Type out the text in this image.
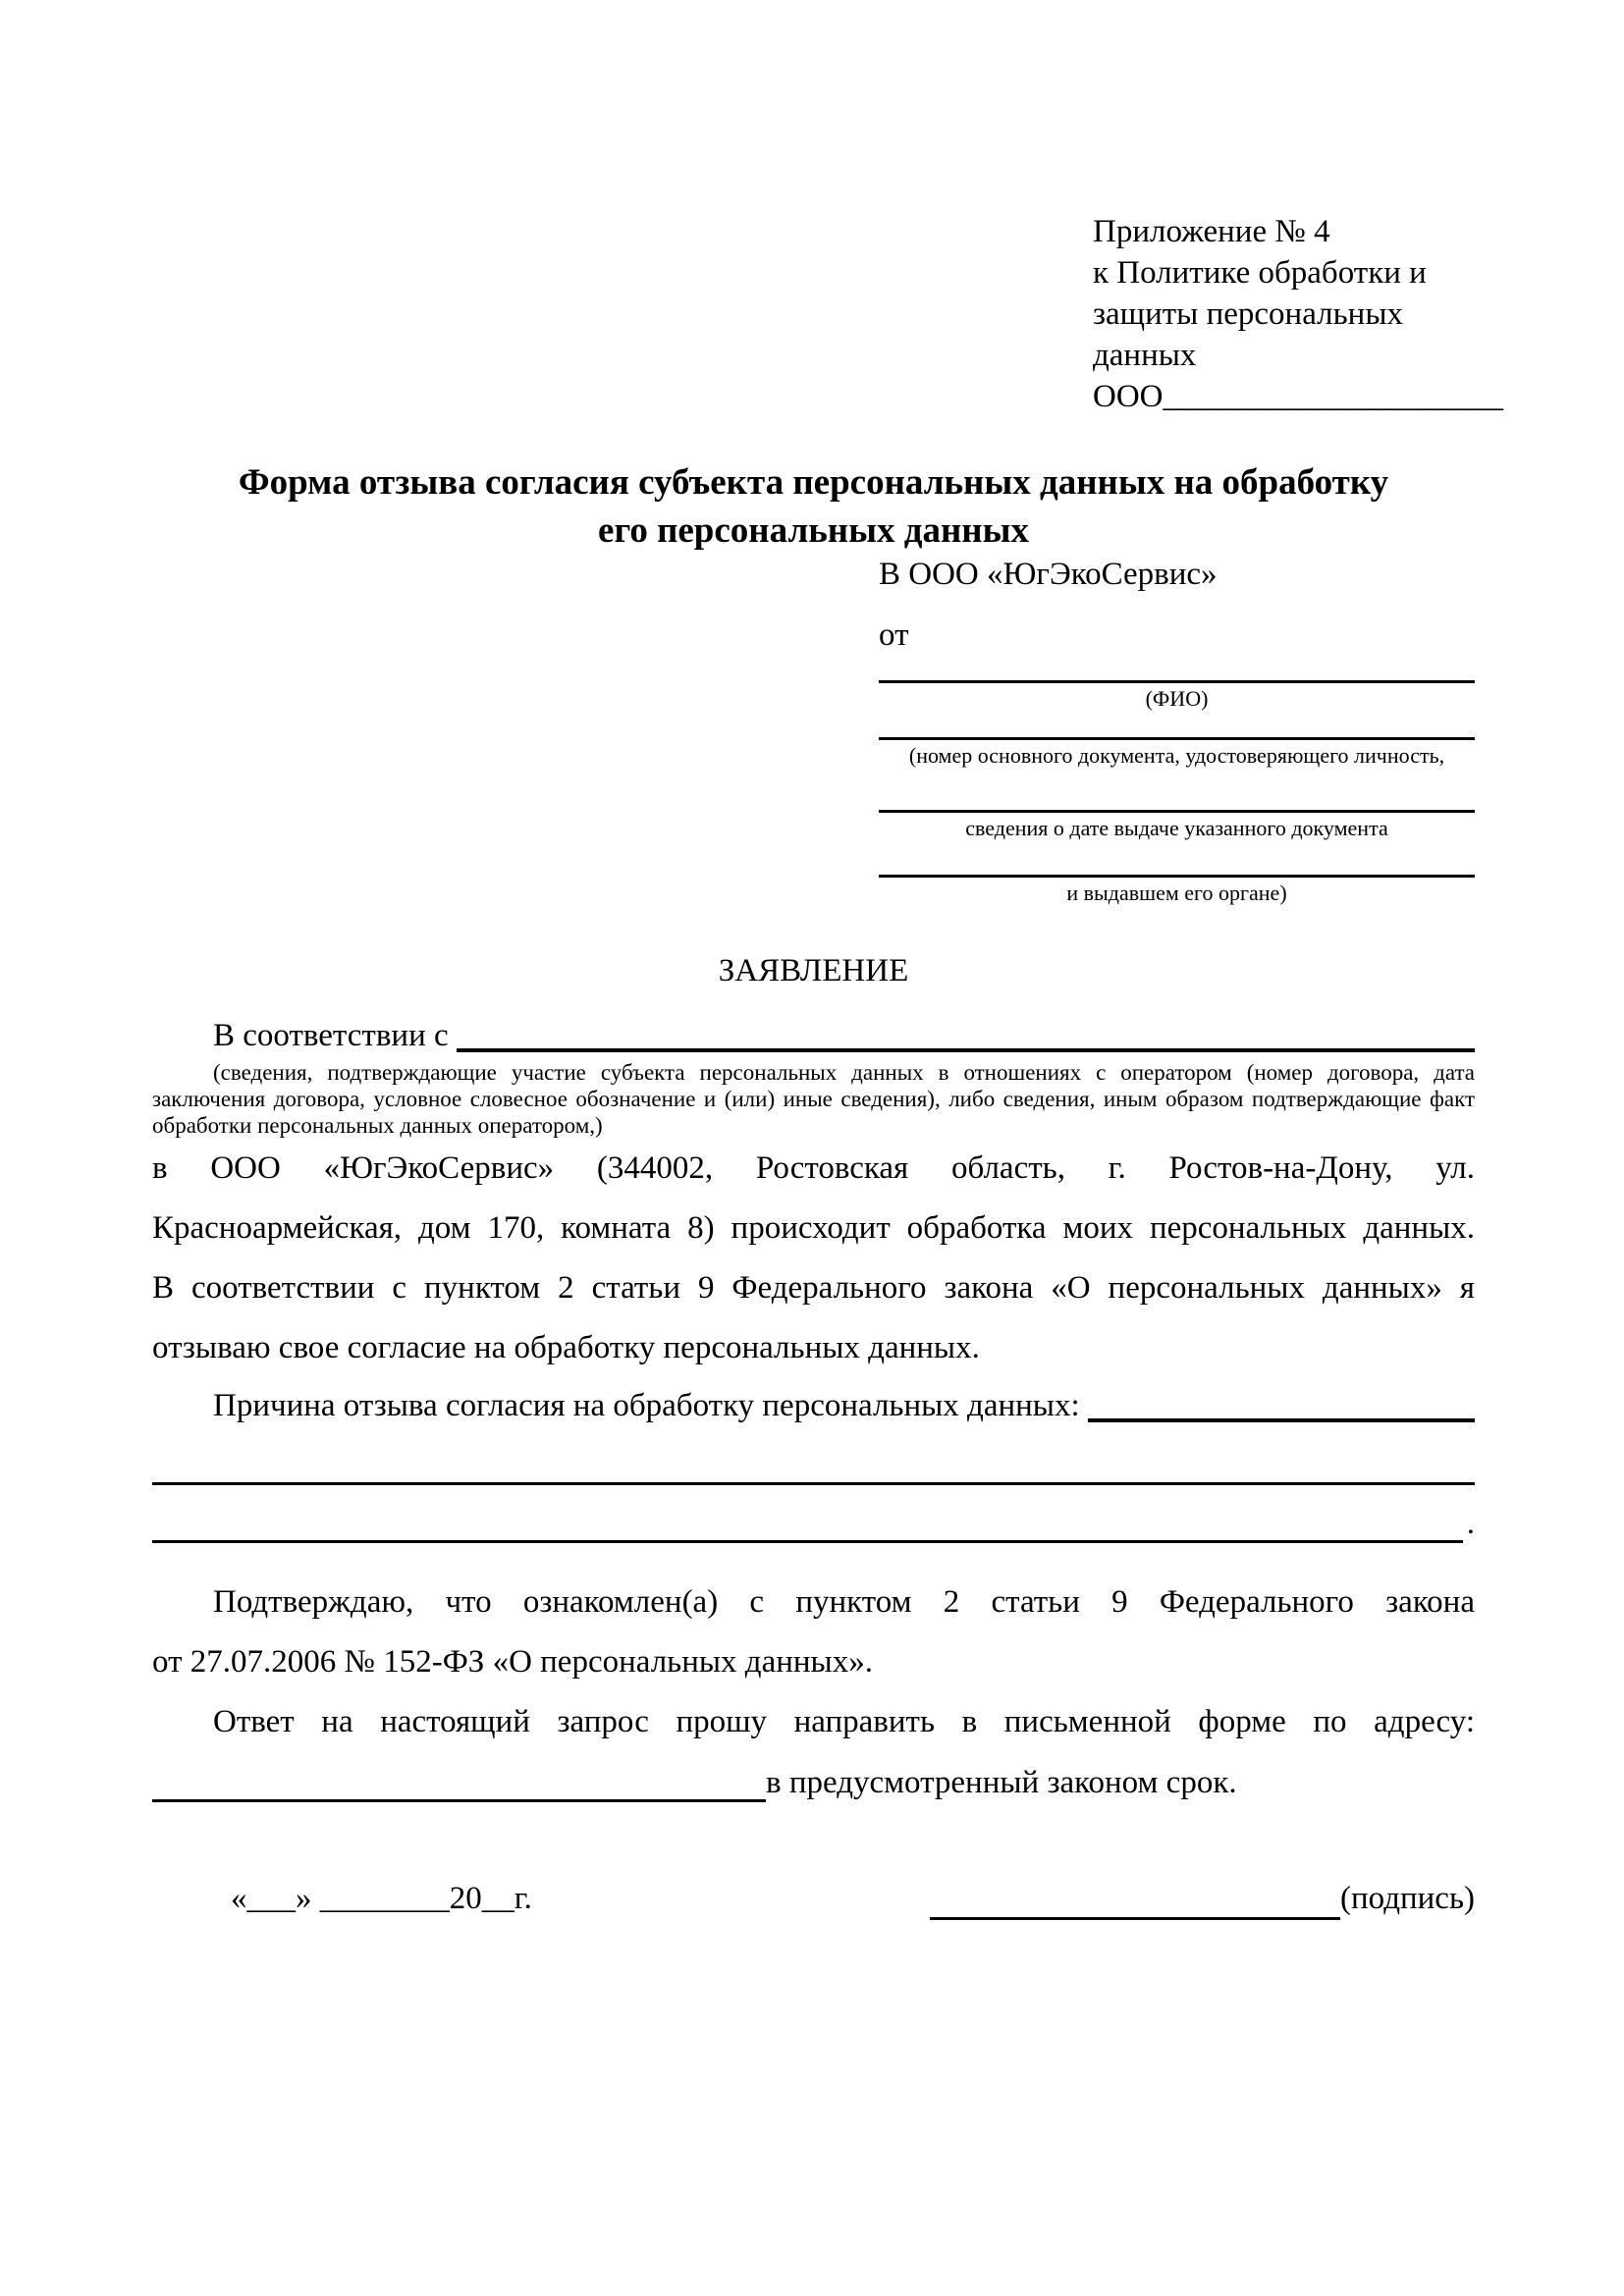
Приложение № 4
к Политике обработки и
защиты персональных данных
ООО_____________________
Форма отзыва согласия субъекта персональных данных на обработку
его персональных данных
В ООО «ЮгЭкоСервис»
от
(ФИО)
(номер основного документа, удостоверяющего личность,
сведения о дате выдаче указанного документа
и выдавшем его органе)
ЗАЯВЛЕНИЕ
В соответствии с
(сведения, подтверждающие участие субъекта персональных данных в отношениях с оператором (номер договора, дата
заключения договора, условное словесное обозначение и (или) иные сведения), либо сведения, иным образом подтверждающие факт
обработки персональных данных оператором,)
в ООО «ЮгЭкоСервис» (344002, Ростовская область, г. Ростов-на-Дону, ул.
Красноармейская, дом 170, комната 8) происходит обработка моих персональных данных.
В соответствии с пунктом 2 статьи 9 Федерального закона «О персональных данных» я
отзываю свое согласие на обработку персональных данных.
Причина отзыва согласия на обработку персональных данных:
.
Подтверждаю, что ознакомлен(а) с пунктом 2 статьи 9 Федерального закона
от 27.07.2006 № 152-ФЗ «О персональных данных».
Ответ на настоящий запрос прошу направить в письменной форме по адресу:
в предусмотренный законом срок.
«___» ________20__г.	(подпись)
